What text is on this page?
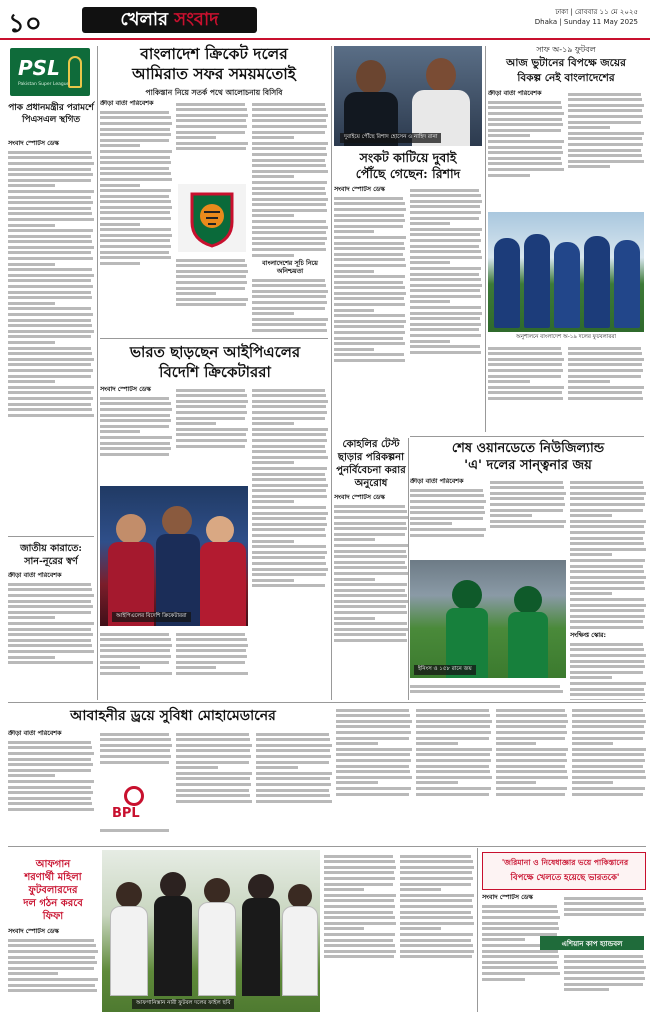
১০	খেলার সংবাদ	ঢাকা | রোববার ১১ মে ২০২৫
Dhaka | Sunday 11 May 2025
PSL
Pakistan Super League
পাক প্রধানমন্ত্রীর পরামর্শে পিএসএল স্থগিত
সংবাদ স্পোর্টস ডেস্ক
জাতীয় কারাতে:
সান-নূরের স্বর্ণ
ক্রীড়া বার্তা পরিবেশক
বাংলাদেশ ক্রিকেট দলের
আমিরাত সফর সময়মতোই
পাকিস্তান নিয়ে সতর্ক পথে আলোচনায় বিসিবি
ক্রীড়া বার্তা পরিবেশক
বাংলাদেশের সূচি নিয়ে অনিশ্চয়তা
ভারত ছাড়ছেন আইপিএলের
বিদেশি ক্রিকেটাররা
সংবাদ স্পোর্টস ডেস্ক
আইপিএলের বিদেশি ক্রিকেটাররা
দুবাইয়ে পৌঁছে রিশাদ হোসেন ও নাহিদ রানা
সংকট কাটিয়ে দুবাই
পৌঁছে গেছেন: রিশাদ
সংবাদ স্পোর্টস ডেস্ক
সাফ অ-১৯ ফুটবল
আজ ভুটানের বিপক্ষে জয়ের
বিকল্প নেই বাংলাদেশের
ক্রীড়া বার্তা পরিবেশক
অনুশীলনে বাংলাদেশ অ-১৯ দলের ফুটবলাররা
কোহলির টেস্ট
ছাড়ার পরিকল্পনা
পুনর্বিবেচনা করার
অনুরোধ
সংবাদ স্পোর্টস ডেস্ক
শেষ ওয়ানডেতে নিউজিল্যান্ড
'এ' দলের সান্ত্বনার জয়
ক্রীড়া বার্তা পরিবেশক
সংক্ষিপ্ত স্কোর:
ইনিংস ও ১৫৮ রানে জয়
আবাহনীর ড্রয়ে সুবিধা মোহামেডানের
ক্রীড়া বার্তা পরিবেশক
BPL
আফগান
শরণার্থী মহিলা
ফুটবলারদের
দল গঠন করবে
ফিফা
সংবাদ স্পোর্টস ডেস্ক
আফগানিস্তান নারী ফুটবল দলের ফাইল ছবি
'জরিমানা ও নিষেধাজ্ঞার ভয়ে পাকিস্তানের
বিপক্ষে খেলতে হয়েছে ভারতকে'
সংবাদ স্পোর্টস ডেস্ক
এশিয়ান কাপ হ্যান্ডবল
